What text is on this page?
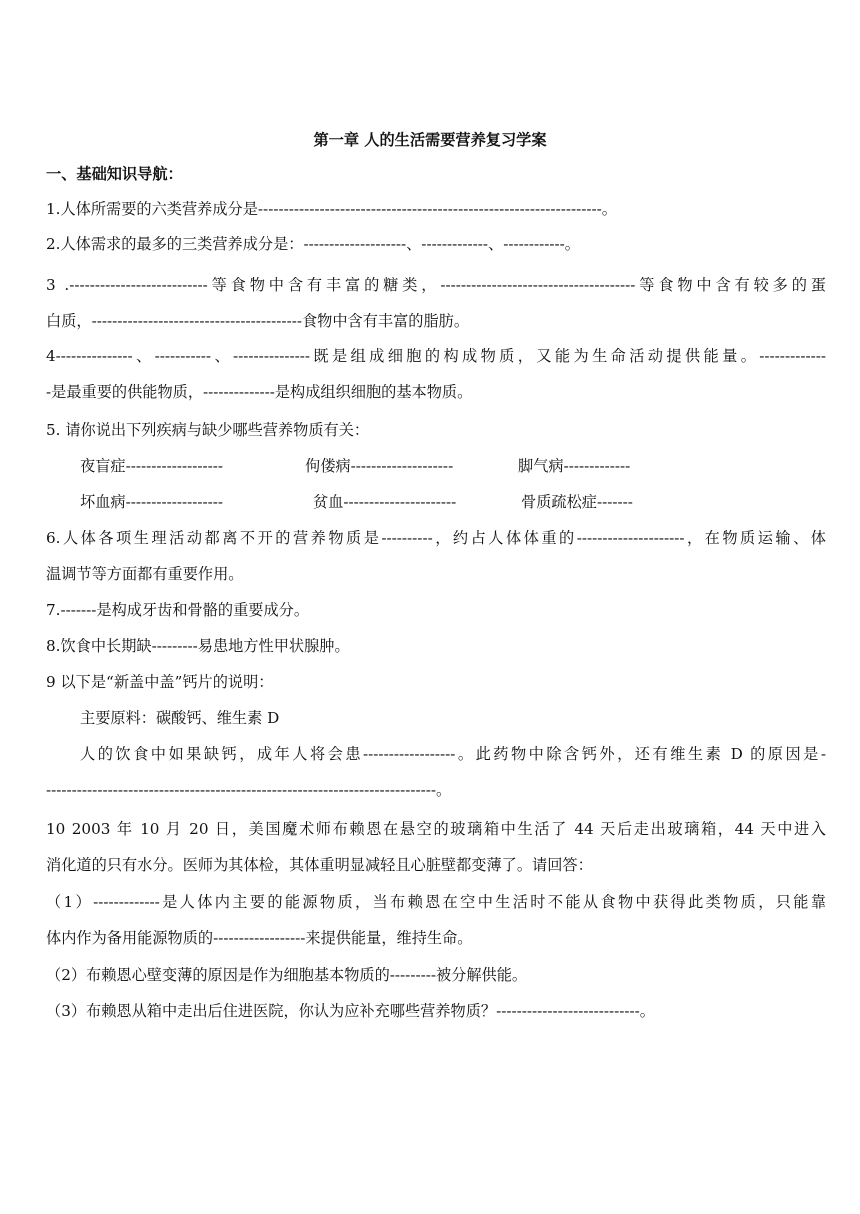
第一章 人的生活需要营养复习学案
一、基础知识导航：
1.人体所需要的六类营养成分是-------------------------------------------------------------------。
2.人体需求的最多的三类营养成分是：--------------------、-------------、------------。
3 .---------------------------等食物中含有丰富的糖类，--------------------------------------等食物中含有较多的蛋
白质，-----------------------------------------食物中含有丰富的脂肪。
4---------------、-----------、---------------既是组成细胞的构成物质，又能为生命活动提供能量。-------------
-是最重要的供能物质，--------------是构成组织细胞的基本物质。
5. 请你说出下列疾病与缺少哪些营养物质有关：
夜盲症-------------------	佝偻病--------------------	脚气病-------------
坏血病-------------------	贫血----------------------	骨质疏松症-------
6.人体各项生理活动都离不开的营养物质是----------，约占人体体重的---------------------，在物质运输、体
温调节等方面都有重要作用。
7.-------是构成牙齿和骨骼的重要成分。
8.饮食中长期缺---------易患地方性甲状腺肿。
9 以下是“新盖中盖”钙片的说明：
主要原料：碳酸钙、维生素 D
人的饮食中如果缺钙，成年人将会患------------------。此药物中除含钙外，还有维生素 D 的原因是-
----------------------------------------------------------------------------。
10 2003 年 10 月 20 日，美国魔术师布赖恩在悬空的玻璃箱中生活了 44 天后走出玻璃箱，44 天中进入
消化道的只有水分。医师为其体检，其体重明显减轻且心脏壁都变薄了。请回答：
（1）-------------是人体内主要的能源物质，当布赖恩在空中生活时不能从食物中获得此类物质，只能靠
体内作为备用能源物质的------------------来提供能量，维持生命。
（2）布赖恩心壁变薄的原因是作为细胞基本物质的---------被分解供能。
（3）布赖恩从箱中走出后住进医院，你认为应补充哪些营养物质？----------------------------。
